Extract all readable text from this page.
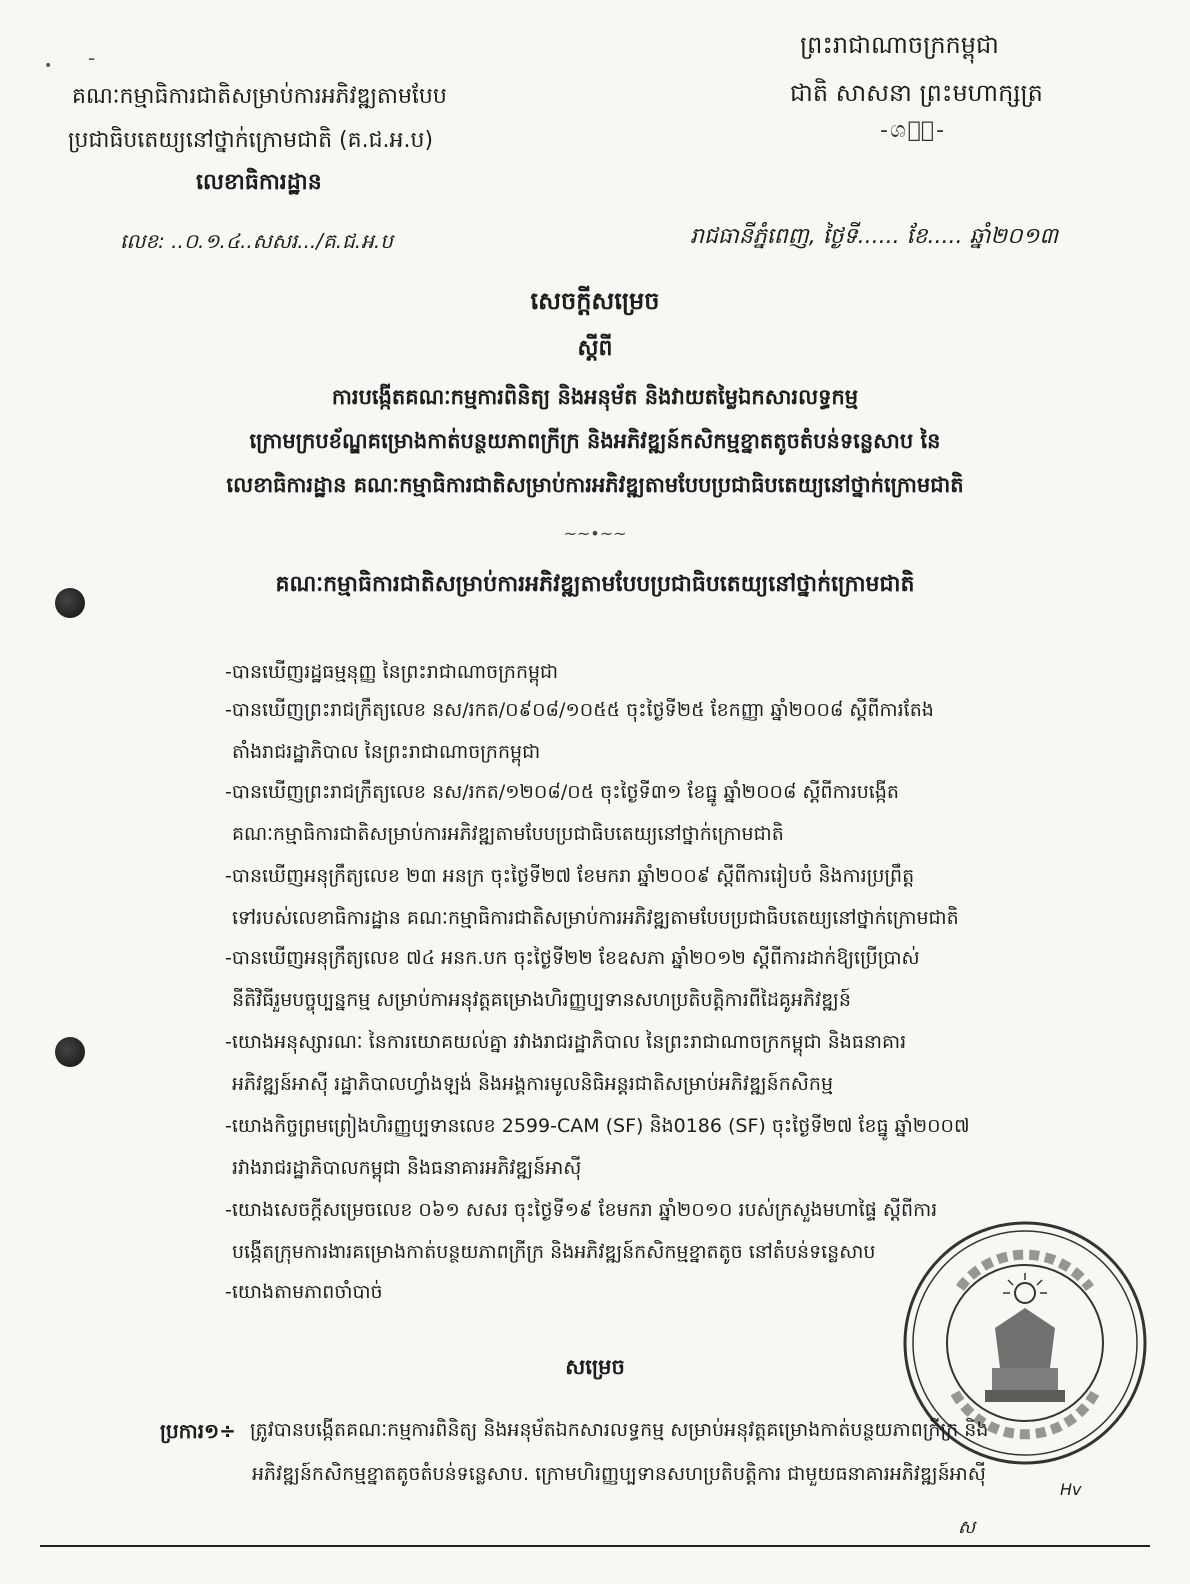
• -	ព្រះរាជាណាចក្រកម្ពុជា
ជាតិ សាសនា ព្រះមហាក្សត្រ
-ශ🟏ෳ-
គណៈកម្មាធិការជាតិសម្រាប់ការអភិវឌ្ឍតាមបែប
ប្រជាធិបតេយ្យនៅថ្នាក់ក្រោមជាតិ (គ.ជ.អ.ប)
លេខាធិការដ្ឋាន
លេខ: ..០.១.៤..សសរ.../គ.ជ.អ.ប	រាជធានីភ្នំពេញ, ថ្ងៃទី...... ខែ..... ឆ្នាំ២០១៣
សេចក្តីសម្រេច
ស្តីពី
ការបង្កើតគណៈកម្មការពិនិត្យ និងអនុម័ត និងវាយតម្លៃឯកសារលទ្ធកម្ម
ក្រោមក្របខ័ណ្ឌគម្រោងកាត់បន្ថយភាពក្រីក្រ និងអភិវឌ្ឍន៍កសិកម្មខ្នាតតូចតំបន់ទន្លេសាប នៃ
លេខាធិការដ្ឋាន គណៈកម្មាធិការជាតិសម្រាប់ការអភិវឌ្ឍតាមបែបប្រជាធិបតេយ្យនៅថ្នាក់ក្រោមជាតិ
~~•~~
គណៈកម្មាធិការជាតិសម្រាប់ការអភិវឌ្ឍតាមបែបប្រជាធិបតេយ្យនៅថ្នាក់ក្រោមជាតិ
-បានឃើញរដ្ឋធម្មនុញ្ញ នៃព្រះរាជាណាចក្រកម្ពុជា
-បានឃើញព្រះរាជក្រឹត្យលេខ នស/រកត/០៩០៨/១០៥៥ ចុះថ្ងៃទី២៥ ខែកញ្ញា ឆ្នាំ២០០៨ ស្តីពីការតែង
តាំងរាជរដ្ឋាភិបាល នៃព្រះរាជាណាចក្រកម្ពុជា
-បានឃើញព្រះរាជក្រឹត្យលេខ នស/រកត/១២០៨/០៥ ចុះថ្ងៃទី៣១ ខែធ្នូ ឆ្នាំ២០០៨ ស្តីពីការបង្កើត
គណៈកម្មាធិការជាតិសម្រាប់ការអភិវឌ្ឍតាមបែបប្រជាធិបតេយ្យនៅថ្នាក់ក្រោមជាតិ
-បានឃើញអនុក្រឹត្យលេខ ២៣ អនក្រ ចុះថ្ងៃទី២៧ ខែមករា ឆ្នាំ២០០៩ ស្តីពីការរៀបចំ និងការប្រព្រឹត្ត
ទៅរបស់លេខាធិការដ្ឋាន គណៈកម្មាធិការជាតិសម្រាប់ការអភិវឌ្ឍតាមបែបប្រជាធិបតេយ្យនៅថ្នាក់ក្រោមជាតិ
-បានឃើញអនុក្រឹត្យលេខ ៧៤ អនក.បក ចុះថ្ងៃទី២២ ខែឧសភា ឆ្នាំ២០១២ ស្តីពីការដាក់ឱ្យប្រើប្រាស់
នីតិវិធីរួមបច្ចុប្បន្នកម្ម សម្រាប់កាអនុវត្តគម្រោងហិរញ្ញប្បទានសហប្រតិបត្តិការពីដៃគូអភិវឌ្ឍន៍
-យោងអនុស្សារណៈ នៃការយោគយល់គ្នា រវាងរាជរដ្ឋាភិបាល នៃព្រះរាជាណាចក្រកម្ពុជា និងធនាគារ
អភិវឌ្ឍន៍អាស៊ី រដ្ឋាភិបាលហ្វាំងឡង់ និងអង្គការមូលនិធិអន្តរជាតិសម្រាប់អភិវឌ្ឍន៍កសិកម្ម
-យោងកិច្ចព្រមព្រៀងហិរញ្ញប្បទានលេខ 2599-CAM (SF) និង0186 (SF) ចុះថ្ងៃទី២៧ ខែធ្នូ ឆ្នាំ២០០៧
រវាងរាជរដ្ឋាភិបាលកម្ពុជា និងធនាគារអភិវឌ្ឍន៍អាស៊ី
-យោងសេចក្តីសម្រេចលេខ ០៦១ សសរ ចុះថ្ងៃទី១៩ ខែមករា ឆ្នាំ២០១០ របស់ក្រសួងមហាផ្ទៃ ស្តីពីការ
បង្កើតក្រុមការងារគម្រោងកាត់បន្ថយភាពក្រីក្រ និងអភិវឌ្ឍន៍កសិកម្មខ្នាតតូច នៅតំបន់ទន្លេសាប
-យោងតាមភាពចាំបាច់
សម្រេច
ប្រការ១÷ ត្រូវបានបង្កើតគណៈកម្មការពិនិត្យ និងអនុម័តឯកសារលទ្ធកម្ម សម្រាប់អនុវត្តគម្រោងកាត់បន្ថយភាពក្រីក្រ និង
អភិវឌ្ឍន៍កសិកម្មខ្នាតតូចតំបន់ទន្លេសាប. ក្រោមហិរញ្ញប្បទានសហប្រតិបត្តិការ ជាមួយធនាគារអភិវឌ្ឍន៍អាស៊ី
Hv
ស
